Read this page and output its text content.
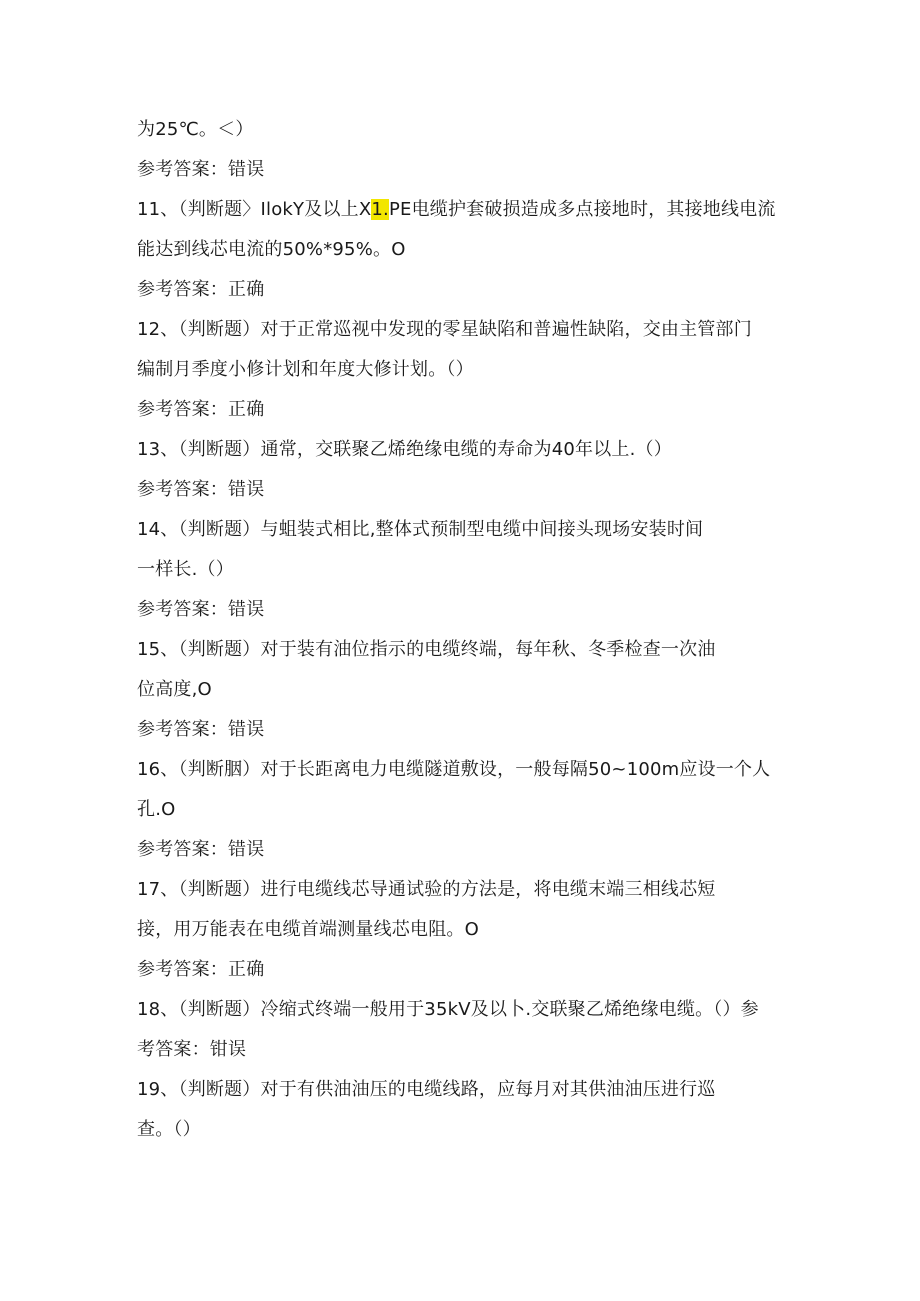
为25℃。＜）
参考答案：错误
11、（判断题〉IlokY及以上X1.PE电缆护套破损造成多点接地时，其接地线电流
能达到线芯电流的50%*95%。O
参考答案：正确
12、（判断题）对于正常巡视中发现的零星缺陷和普遍性缺陷，交由主管部门
编制月季度小修计划和年度大修计划。（）
参考答案：正确
13、（判断题）通常，交联聚乙烯绝缘电缆的寿命为40年以上.（）
参考答案：错误
14、（判断题）与蛆装式相比,整体式预制型电缆中间接头现场安装时间
一样长.（）
参考答案：错误
15、（判断题）对于装有油位指示的电缆终端，每年秋、冬季检查一次油
位高度,O
参考答案：错误
16、（判断胭）对于长距离电力电缆隧道敷设，一般每隔50~100m应设一个人
孔.O
参考答案：错误
17、（判断题）进行电缆线芯导通试验的方法是，将电缆末端三相线芯短
接，用万能表在电缆首端测量线芯电阻。O
参考答案：正确
18、（判断题）冷缩式终端一般用于35kV及以卜.交联聚乙烯绝缘电缆。（）参
考答案：钳误
19、（判断题）对于有供油油压的电缆线路，应每月对其供油油压进行巡
查。（）
